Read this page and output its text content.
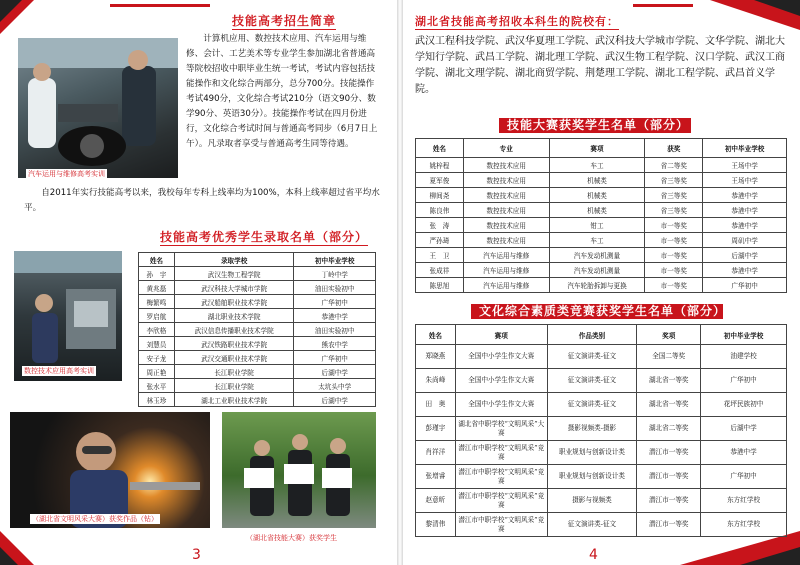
技能高考招生简章
汽车运用与维修高考实训
计算机应用、数控技术应用、汽车运用与维修、会计、工艺美术等专业学生参加湖北省普通高等院校招收中职毕业生统一考试，考试内容包括技能操作和文化综合两部分，总分700分。技能操作考试490分，文化综合考试210分（语文90分、数学90分、英语30分）。技能操作考试在四月份进行，文化综合考试时间与普通高考同步（6月7日上午）。凡录取者享受与普通高考生同等待遇。
自2011年实行技能高考以来，我校每年专科上线率均为100%，本科上线率超过省平均水平。
技能高考优秀学生录取名单（部分）
数控技术应用高考实训
姓名	录取学校	初中毕业学校
孙　宇	武汉生物工程学院	丁岭中学
黄兆磊	武汉科技大学城市学院	油田实验初中
梅繁鸣	武汉船舶职业技术学院	广华初中
罗启航	湖北职业技术学院	恭港中学
李欣格	武汉信息传播职业技术学院	油田实验初中
刘慧员	武汉铁路职业技术学院	熊农中学
安子龙	武汉交通职业技术学院	广华初中
周正艳	长江职业学院	后湖中学
张水平	长江职业学院	太坑头中学
林玉珍	湖北工业职业技术学院	后湖中学
（湖北省文明风采大赛）获奖作品（钻）
（湖北省技能大赛）获奖学生
3
湖北省技能高考招收本科生的院校有：
武汉工程科技学院、武汉华夏理工学院、武汉科技大学城市学院、文华学院、湖北大学知行学院、武昌工学院、湖北理工学院、武汉生物工程学院、汉口学院、武汉工商学院、湖北文理学院、湖北商贸学院、荆楚理工学院、湖北工程学院、武昌首义学院。
技能大赛获奖学生名单（部分）
姓名	专业	赛项	获奖	初中毕业学校
姚梓程	数控技术应用	车工	省二等奖	王场中学
夏军俊	数控技术应用	机械类	省三等奖	王场中学
柳间尧	数控技术应用	机械类	省三等奖	恭港中学
陈良伟	数控技术应用	机械类	省三等奖	恭港中学
张　涛	数控技术应用	钳工	市一等奖	恭港中学
严孙琦	数控技术应用	车工	市一等奖	周矶中学
王　卫	汽车运用与维修	汽车发动机测量	市一等奖	后湖中学
张成祥	汽车运用与维修	汽车发动机测量	市一等奖	恭港中学
陈思旭	汽车运用与维修	汽车轮胎拆卸与更换	市一等奖	广华初中
文化综合素质类竞赛获奖学生名单（部分）
姓名	赛项	作品类别	奖项	初中毕业学校
郑晓燕	全国中小学生作文大赛	征文演讲类-征文	全国二等奖	油建学校
朱尚峰	全国中小学生作文大赛	征文演讲类-征文	湖北省一等奖	广华初中
田　奥	全国中小学生作文大赛	征文演讲类-征文	湖北省一等奖	花坪民族初中
彭瑾宇	湖北省中职学校“文明风采”大赛	摄影视频类-摄影	湖北省二等奖	后湖中学
肖祥洋	潜江市中职学校“文明风采”竞赛	职业规划与创新设计类	潜江市一等奖	恭港中学
张增睿	潜江市中职学校“文明风采”竞赛	职业规划与创新设计类	潜江市一等奖	广华初中
赵意昕	潜江市中职学校“文明风采”竞赛	摄影与视频类	潜江市一等奖	东方红学校
黎清伟	潜江市中职学校“文明风采”竞赛	征文演讲类-征文	潜江市一等奖	东方红学校
4
